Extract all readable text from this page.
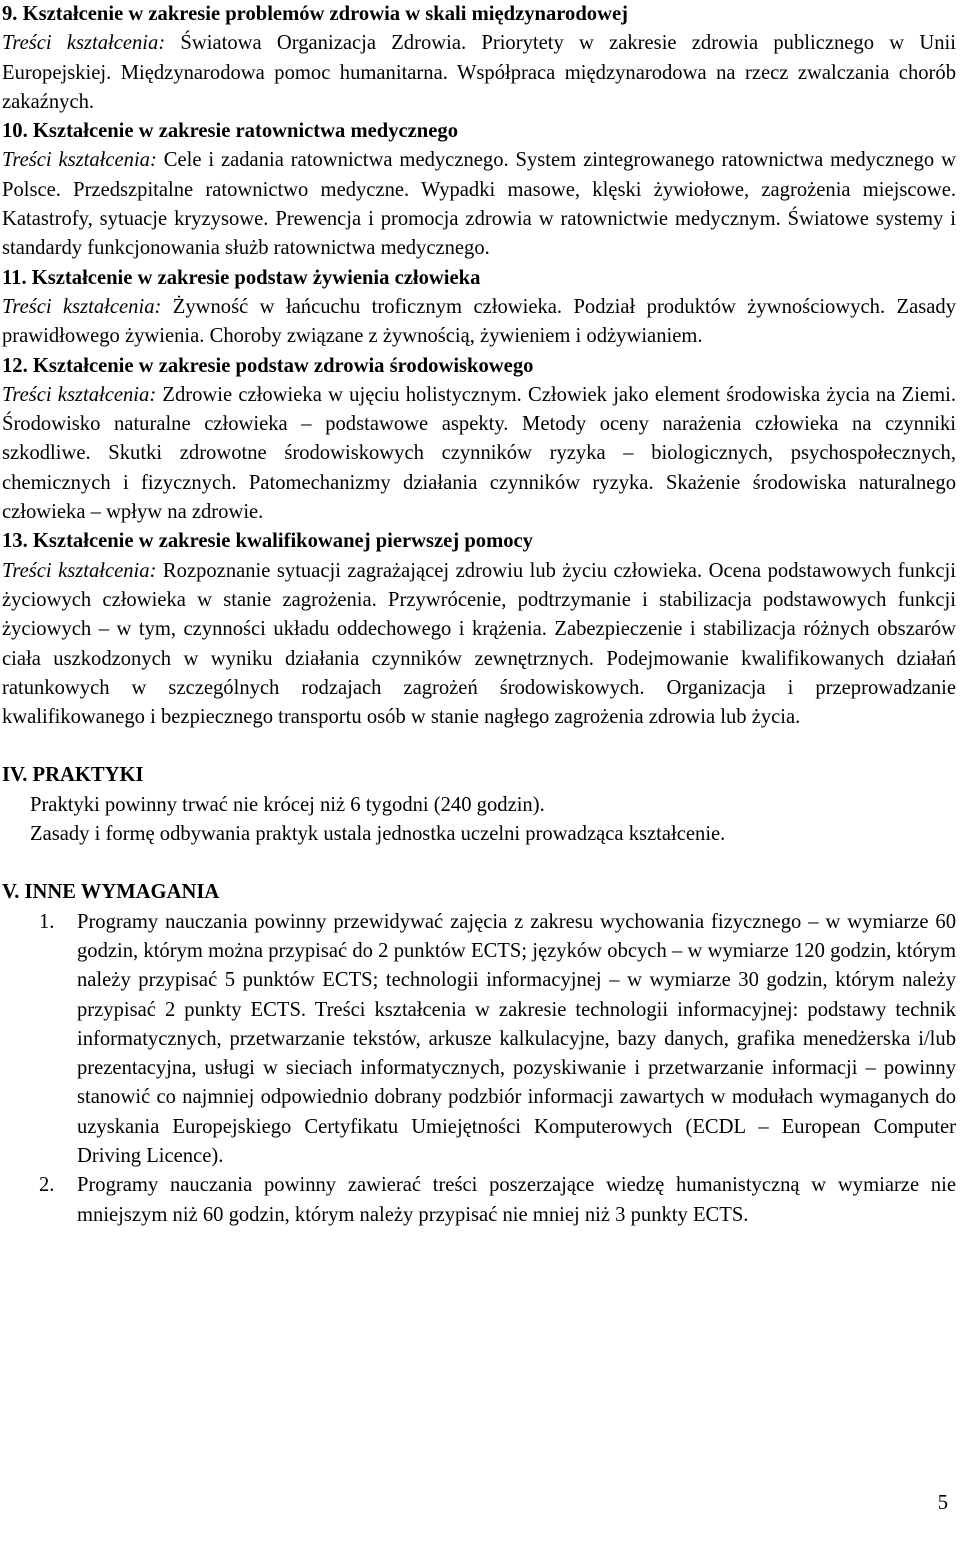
9. Kształcenie w zakresie problemów zdrowia w skali międzynarodowej
Treści kształcenia: Światowa Organizacja Zdrowia. Priorytety w zakresie zdrowia publicznego w Unii Europejskiej. Międzynarodowa pomoc humanitarna. Współpraca międzynarodowa na rzecz zwalczania chorób zakaźnych.
10. Kształcenie w zakresie ratownictwa medycznego
Treści kształcenia: Cele i zadania ratownictwa medycznego. System zintegrowanego ratownictwa medycznego w Polsce. Przedszpitalne ratownictwo medyczne. Wypadki masowe, klęski żywiołowe, zagrożenia miejscowe. Katastrofy, sytuacje kryzysowe. Prewencja i promocja zdrowia w ratownictwie medycznym. Światowe systemy i standardy funkcjonowania służb ratownictwa medycznego.
11. Kształcenie w zakresie podstaw żywienia człowieka
Treści kształcenia: Żywność w łańcuchu troficznym człowieka. Podział produktów żywnościowych. Zasady prawidłowego żywienia. Choroby związane z żywnością, żywieniem i odżywianiem.
12. Kształcenie w zakresie podstaw zdrowia środowiskowego
Treści kształcenia: Zdrowie człowieka w ujęciu holistycznym. Człowiek jako element środowiska życia na Ziemi. Środowisko naturalne człowieka – podstawowe aspekty. Metody oceny narażenia człowieka na czynniki szkodliwe. Skutki zdrowotne środowiskowych czynników ryzyka – biologicznych, psychospołecznych, chemicznych i fizycznych. Patomechanizmy działania czynników ryzyka. Skażenie środowiska naturalnego człowieka – wpływ na zdrowie.
13. Kształcenie w zakresie kwalifikowanej pierwszej pomocy
Treści kształcenia: Rozpoznanie sytuacji zagrażającej zdrowiu lub życiu człowieka. Ocena podstawowych funkcji życiowych człowieka w stanie zagrożenia. Przywrócenie, podtrzymanie i stabilizacja podstawowych funkcji życiowych – w tym, czynności układu oddechowego i krążenia. Zabezpieczenie i stabilizacja różnych obszarów ciała uszkodzonych w wyniku działania czynników zewnętrznych. Podejmowanie kwalifikowanych działań ratunkowych w szczególnych rodzajach zagrożeń środowiskowych. Organizacja i przeprowadzanie kwalifikowanego i bezpiecznego transportu osób w stanie nagłego zagrożenia zdrowia lub życia.

IV. PRAKTYKI

Praktyki powinny trwać nie krócej niż 6 tygodni (240 godzin).

Zasady i formę odbywania praktyk ustala jednostka uczelni prowadząca kształcenie.

V. INNE WYMAGANIA

1.	Programy nauczania powinny przewidywać zajęcia z zakresu wychowania fizycznego – w wymiarze 60 godzin, którym można przypisać do 2 punktów ECTS; języków obcych – w wymiarze 120 godzin, którym należy przypisać 5 punktów ECTS; technologii informacyjnej – w wymiarze 30 godzin, którym należy przypisać 2 punkty ECTS. Treści kształcenia w zakresie technologii informacyjnej: podstawy technik informatycznych, przetwarzanie tekstów, arkusze kalkulacyjne, bazy danych, grafika menedżerska i/lub prezentacyjna, usługi w sieciach informatycznych, pozyskiwanie i przetwarzanie informacji – powinny stanowić co najmniej odpowiednio dobrany podzbiór informacji zawartych w modułach wymaganych do uzyskania Europejskiego Certyfikatu Umiejętności Komputerowych (ECDL – European Computer Driving Licence).
2.	Programy nauczania powinny zawierać treści poszerzające wiedzę humanistyczną w wymiarze nie mniejszym niż 60 godzin, którym należy przypisać nie mniej niż 3 punkty ECTS.
5
